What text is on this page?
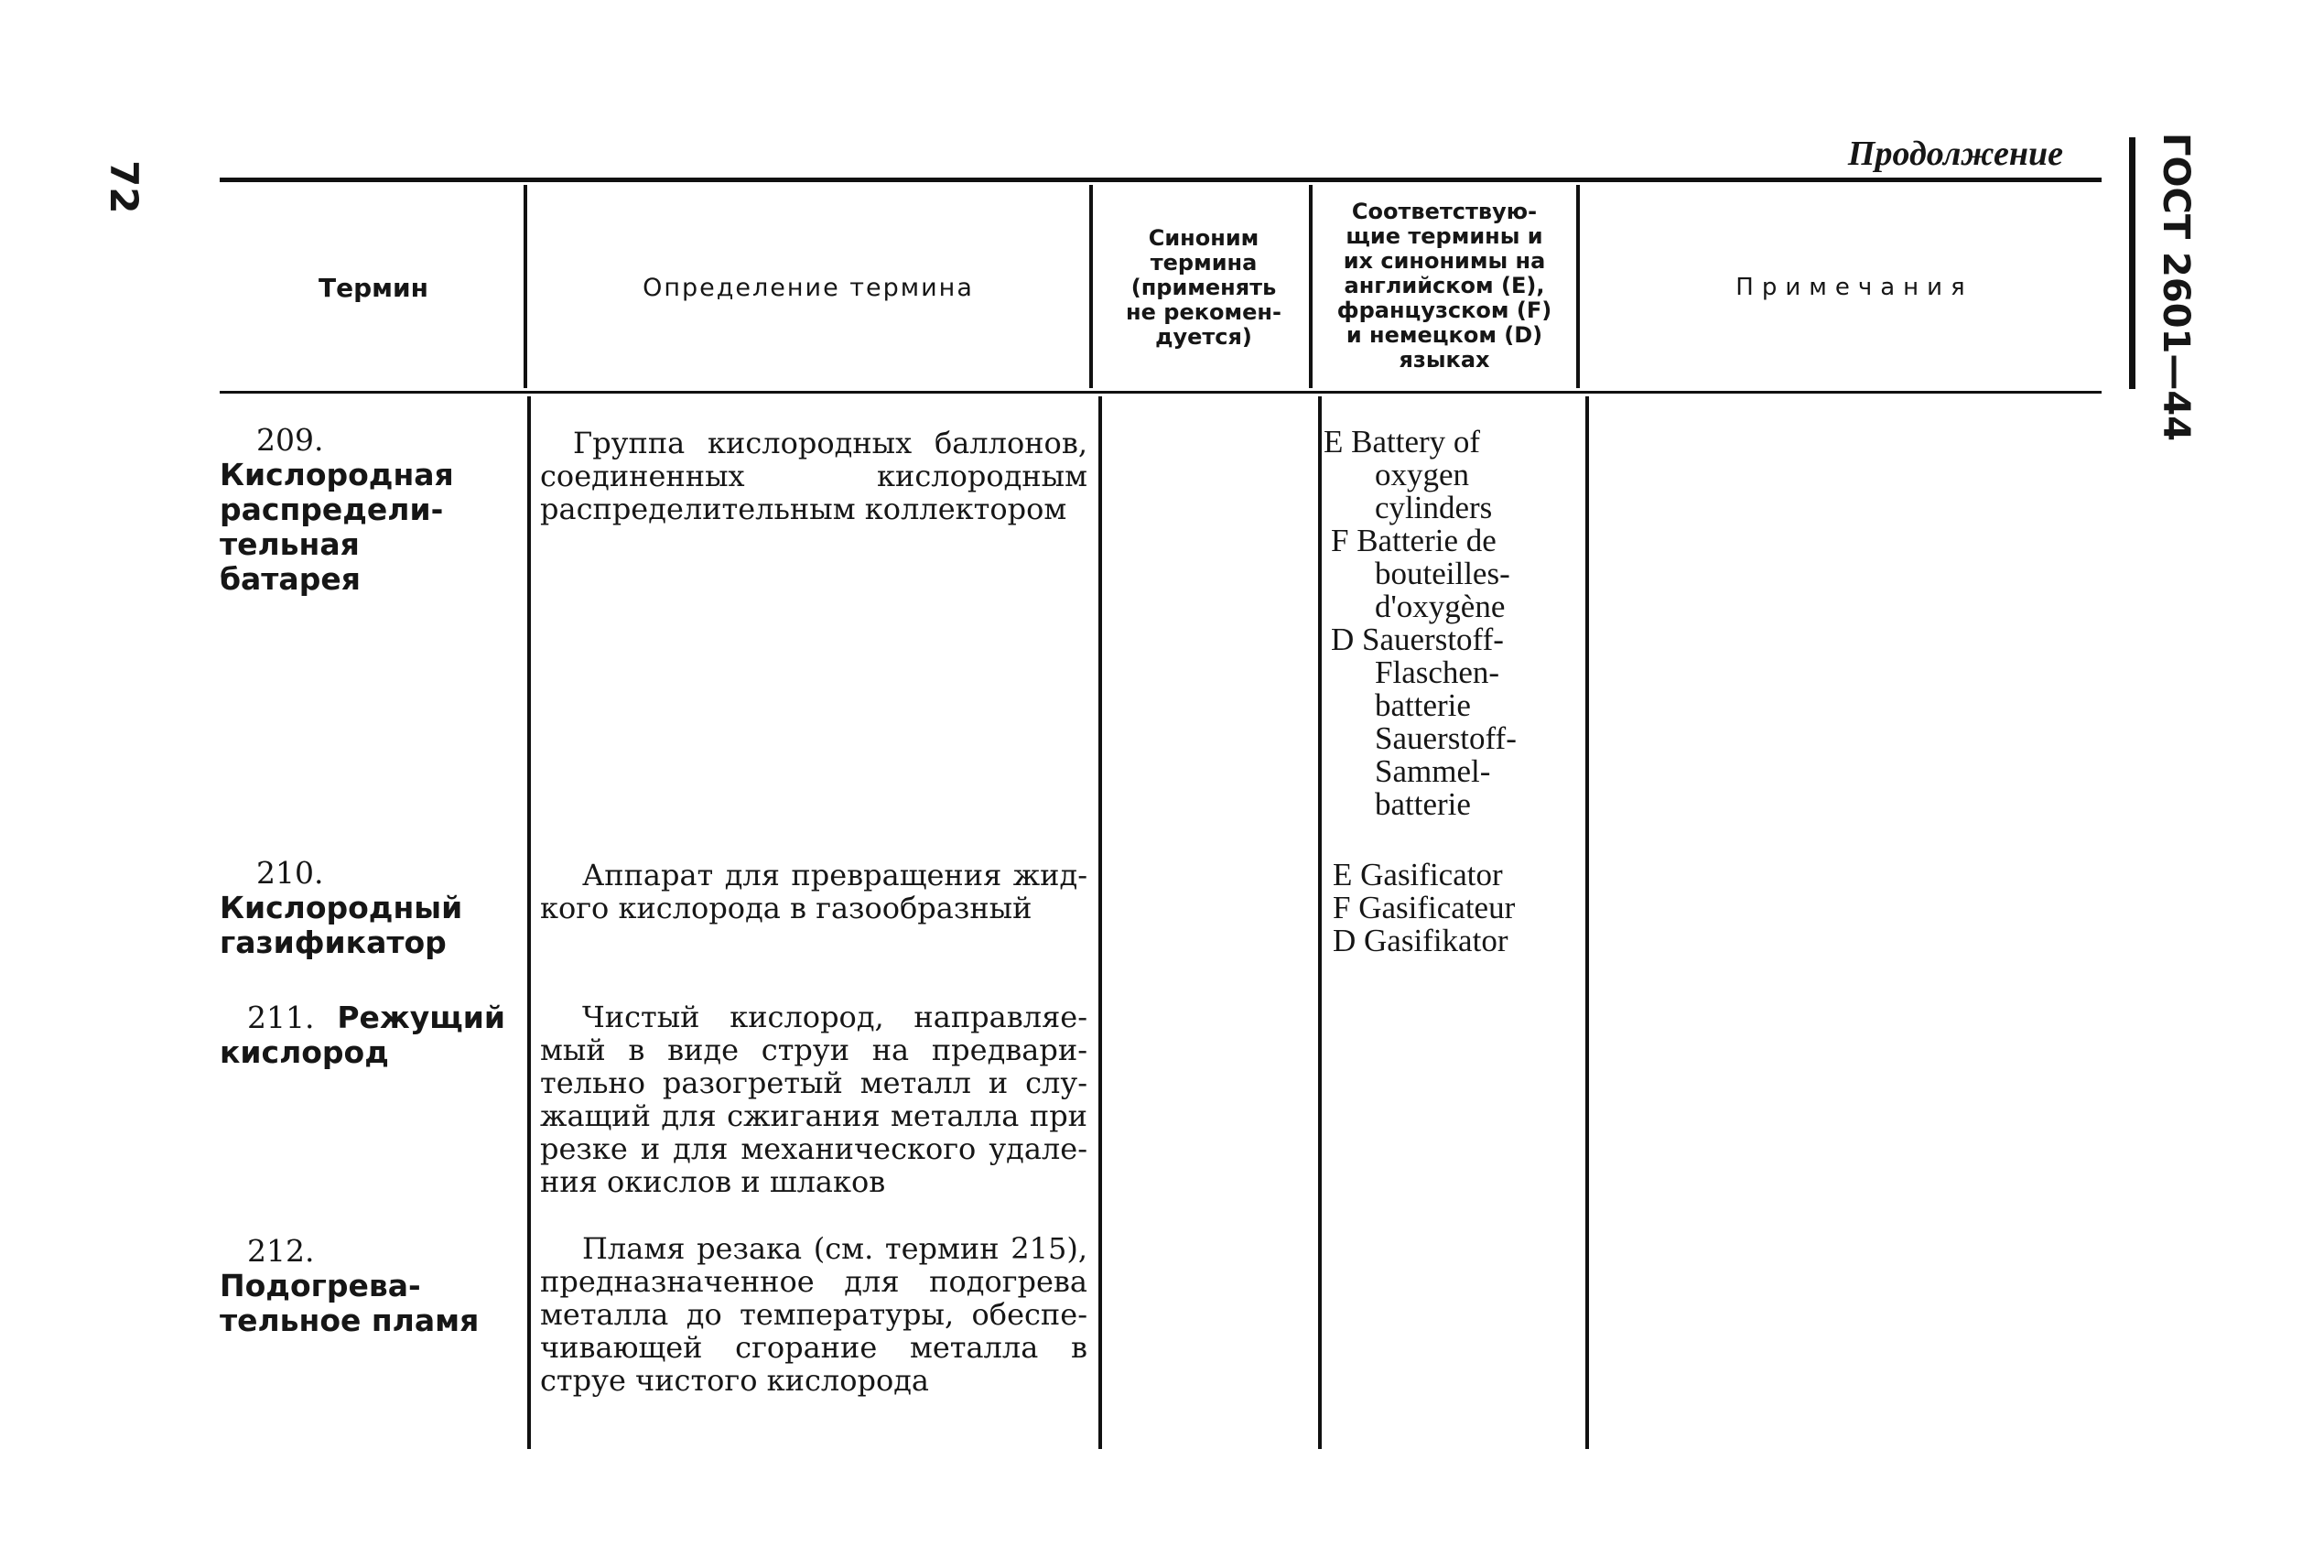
72
Продолжение	ГОСТ 2601—44
Термин	Определение термина
Синоним
термина
(применять
не рекомен-
дуется)
Соответствую-
щие термины и
их синонимы на
английском (Е),
французском (F)
и немецком (D)
языках
Примечания
209. Кислородная распределительная батарея
Группа кислородных баллонов, соединенных кислородным распределительным коллектором
E Battery of
oxygen
cylinders
F Batterie de
bouteilles-
d'oxygène
D Sauerstoff-
Flaschen-
batterie
Sauerstoff-
Sammel-
batterie
210. Кислородный газификатор
Аппарат для превращения жидкого кислорода в газообразный
E Gasificator
F Gasificateur
D Gasifikator
211. Режущий кислород
Чистый кислород, направляемый в виде струи на предварительно разогретый металл и служащий для сжигания металла при резке и для механического удаления окислов и шлаков
212. Подогревательное пламя
Пламя резака (см. термин 215), предназначенное для подогрева металла до температуры, обеспечивающей сгорание металла в струе чистого кислорода
